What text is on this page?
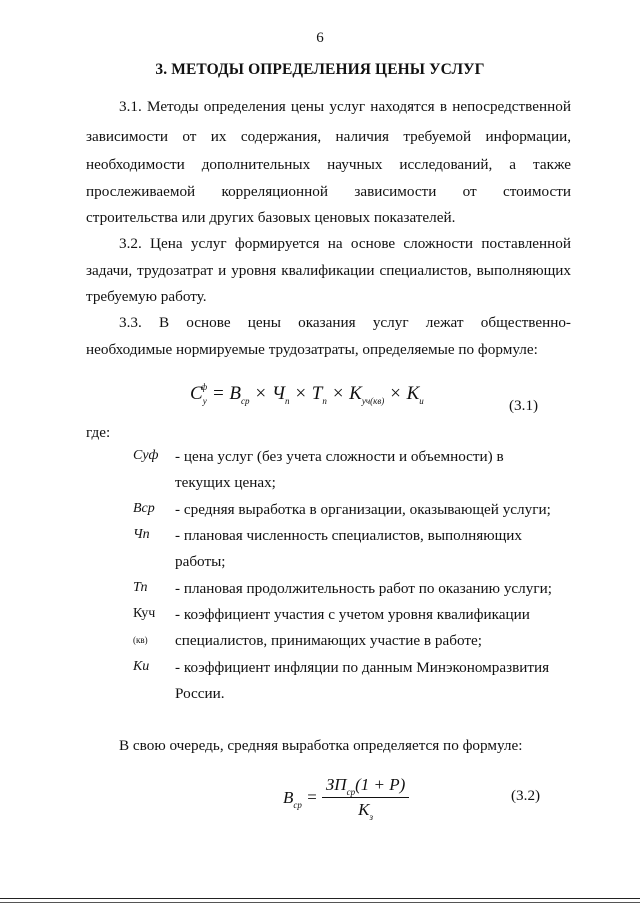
6
3. МЕТОДЫ ОПРЕДЕЛЕНИЯ ЦЕНЫ УСЛУГ
3.1. Методы определения цены услуг находятся в непосредственной
зависимости от их содержания, наличия требуемой информации,
необходимости дополнительных научных исследований, а также
прослеживаемой корреляционной зависимости от стоимости
строительства или других базовых ценовых показателей.
3.2. Цена услуг формируется на основе сложности поставленной
задачи, трудозатрат и уровня квалификации специалистов, выполняющих
требуемую работу.
3.3. В основе цены оказания услуг лежат общественно-
необходимые нормируемые трудозатраты, определяемые по формуле:
$C_у^ф = B_{ср} \times Ч_п \times T_п \times K_{уч(кв)} \times K_и$	(3.1)
где:
Cуф - цена услуг (без учета сложности и объемности) в
текущих ценах;
Вср - средняя выработка в организации, оказывающей услуги;
Чп - плановая численность специалистов, выполняющих
работы;
Тп - плановая продолжительность работ по оказанию услуги;
Куч - коэффициент участия с учетом уровня квалификации
(кв) специалистов, принимающих участие в работе;
Ки - коэффициент инфляции по данным Минэкономразвития
России.
В свою очередь, средняя выработка определяется по формуле:
$B_{ср} = \frac{ЗП_{ср}(1 + P)}{K_з}$	(3.2)
